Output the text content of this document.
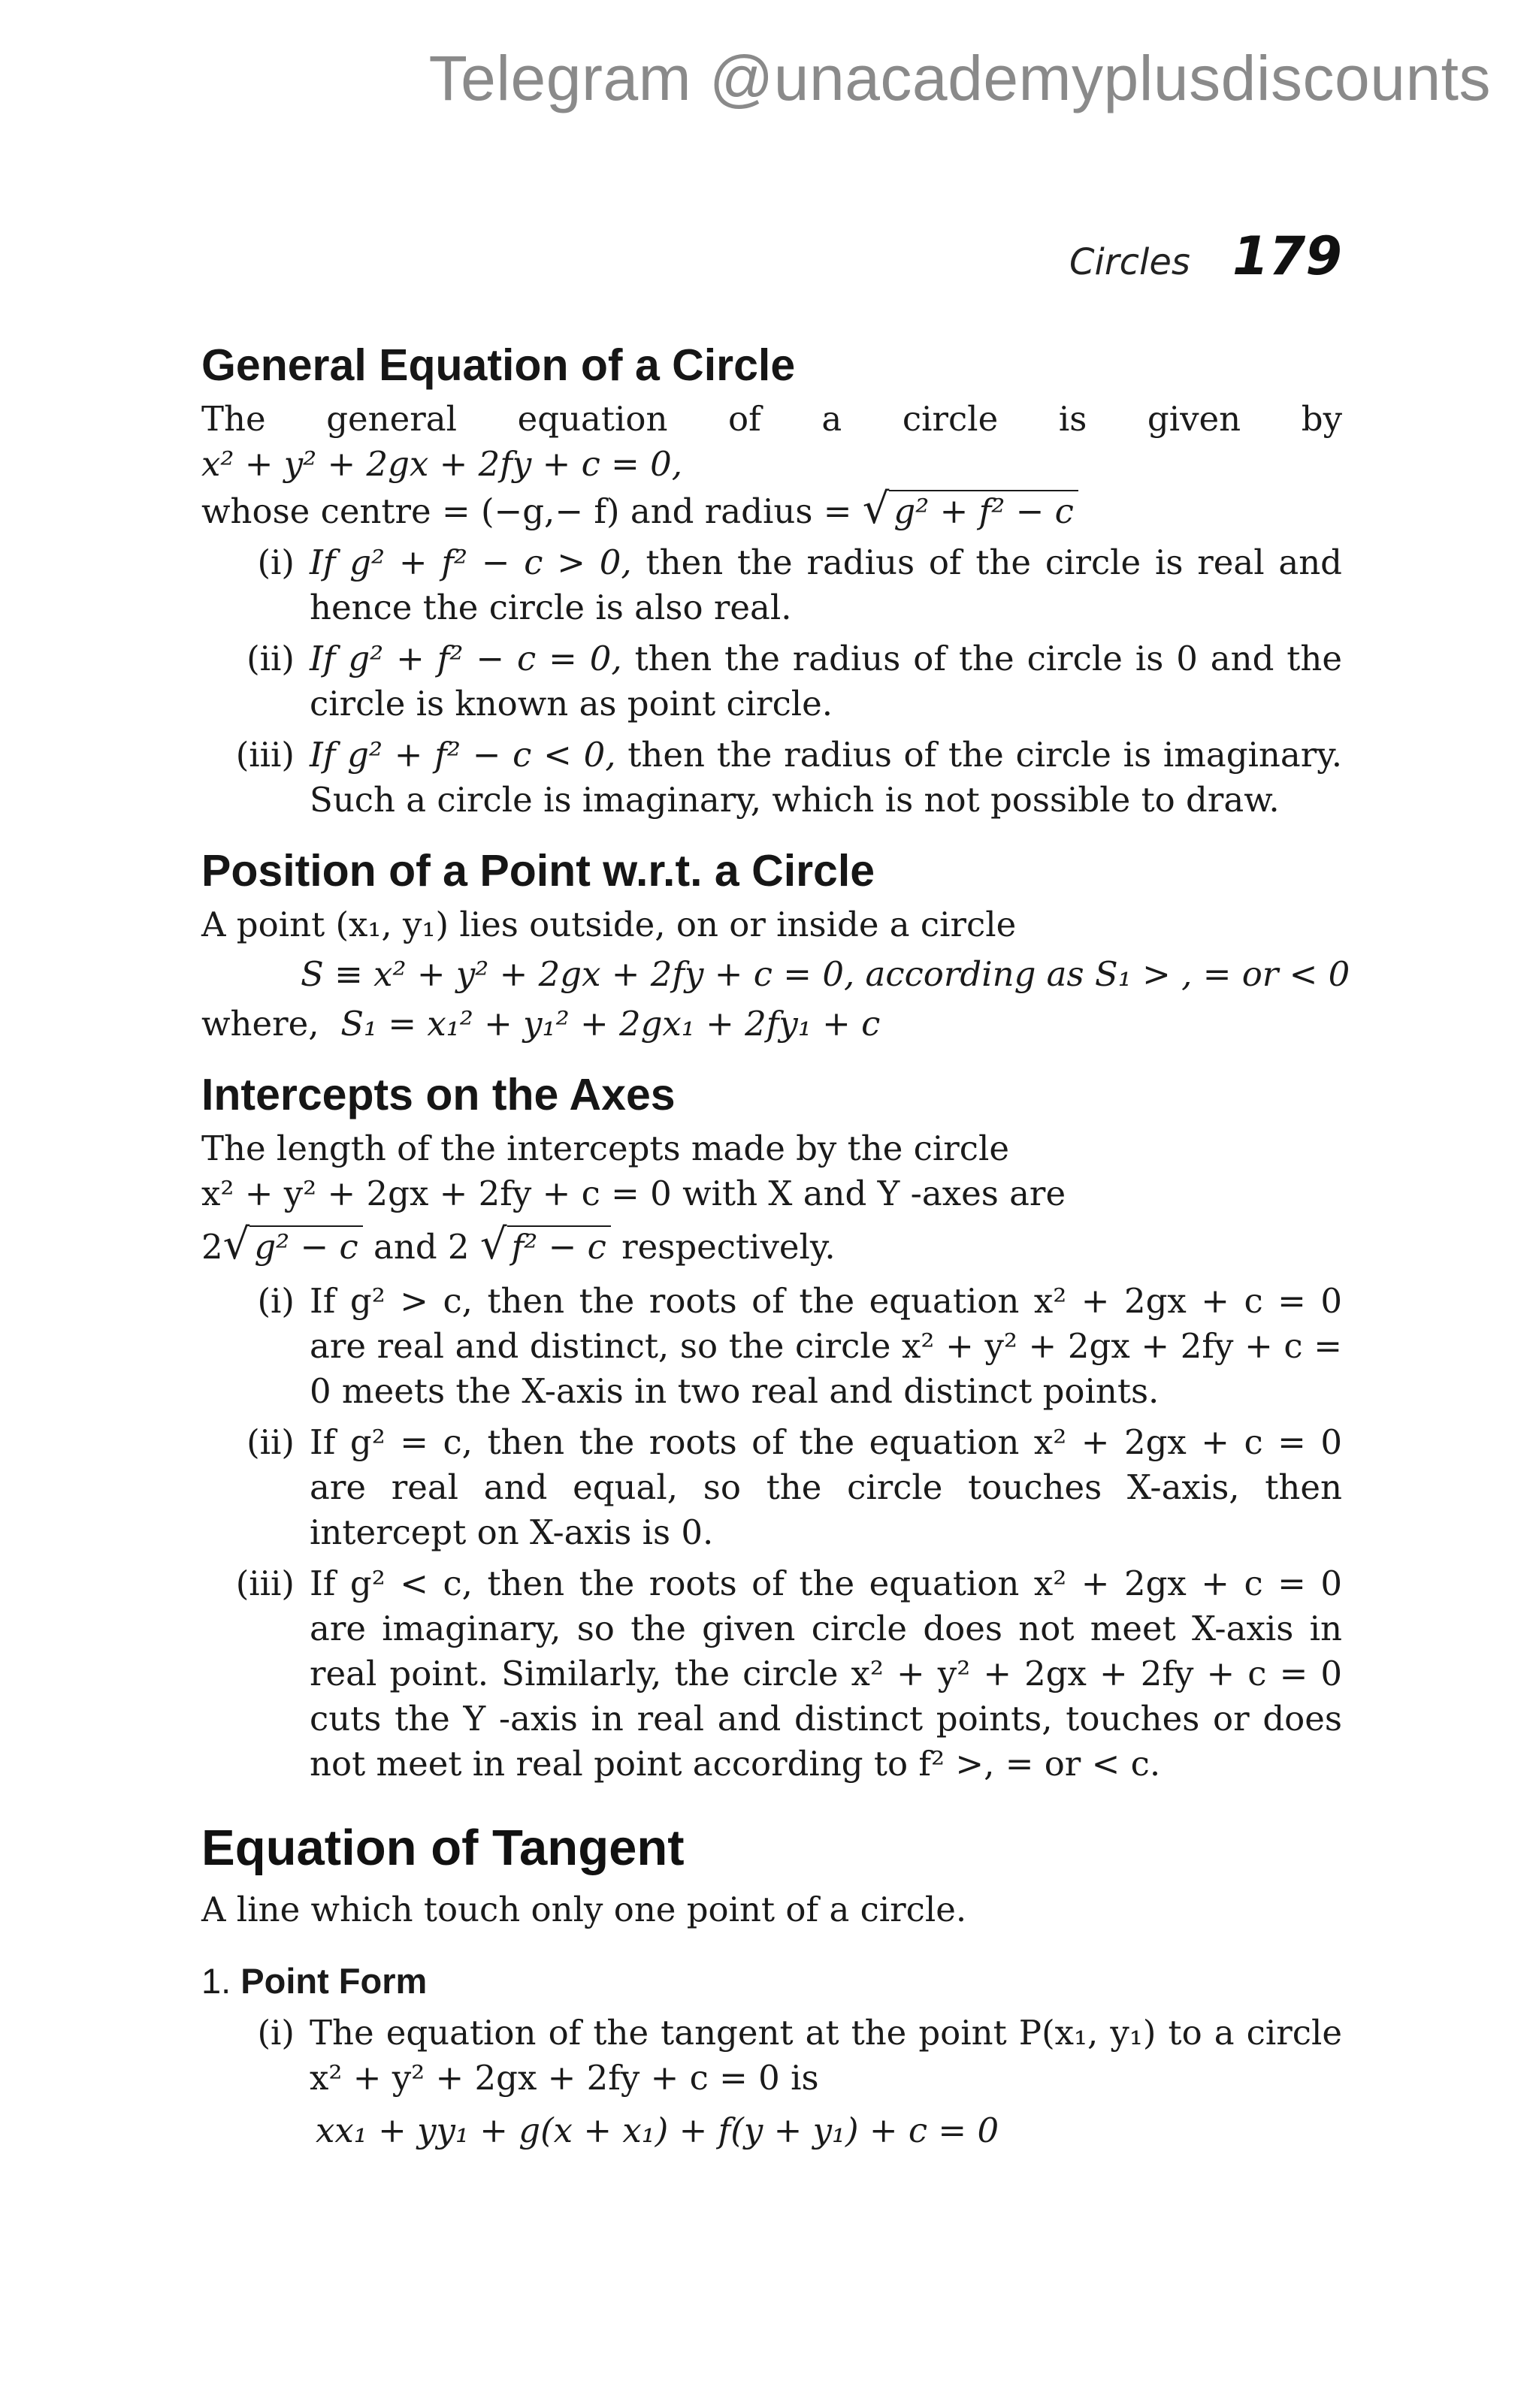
Telegram @unacademyplusdiscounts
Circles 179
General Equation of a Circle

The general equation of a circle is given by x² + y² + 2gx + 2fy + c = 0,

whose centre = (−g,− f) and radius = √ g² + f² − c

(i) If g² + f² − c > 0, then the radius of the circle is real and hence the circle is also real.
(ii) If g² + f² − c = 0, then the radius of the circle is 0 and the circle is known as point circle.
(iii) If g² + f² − c < 0, then the radius of the circle is imaginary. Such a circle is imaginary, which is not possible to draw.
Position of a Point w.r.t. a Circle

A point (x₁, y₁) lies outside, on or inside a circle

S ≡ x² + y² + 2gx + 2fy + c = 0, according as S₁ > , = or < 0

where, S₁ = x₁² + y₁² + 2gx₁ + 2fy₁ + c

Intercepts on the Axes

The length of the intercepts made by the circle

x² + y² + 2gx + 2fy + c = 0 with X and Y -axes are

2√ g² − c and 2 √ f² − c respectively.

(i) If g² > c, then the roots of the equation x² + 2gx + c = 0 are real and distinct, so the circle x² + y² + 2gx + 2fy + c = 0 meets the X-axis in two real and distinct points.
(ii) If g² = c, then the roots of the equation x² + 2gx + c = 0 are real and equal, so the circle touches X-axis, then intercept on X-axis is 0.
(iii) If g² < c, then the roots of the equation x² + 2gx + c = 0 are imaginary, so the given circle does not meet X-axis in real point. Similarly, the circle x² + y² + 2gx + 2fy + c = 0 cuts the Y -axis in real and distinct points, touches or does not meet in real point according to f² >, = or < c.
Equation of Tangent

A line which touch only one point of a circle.

1. Point Form
(i) The equation of the tangent at the point P(x₁, y₁) to a circle x² + y² + 2gx + 2fy + c = 0 is

xx₁ + yy₁ + g(x + x₁) + f(y + y₁) + c = 0
